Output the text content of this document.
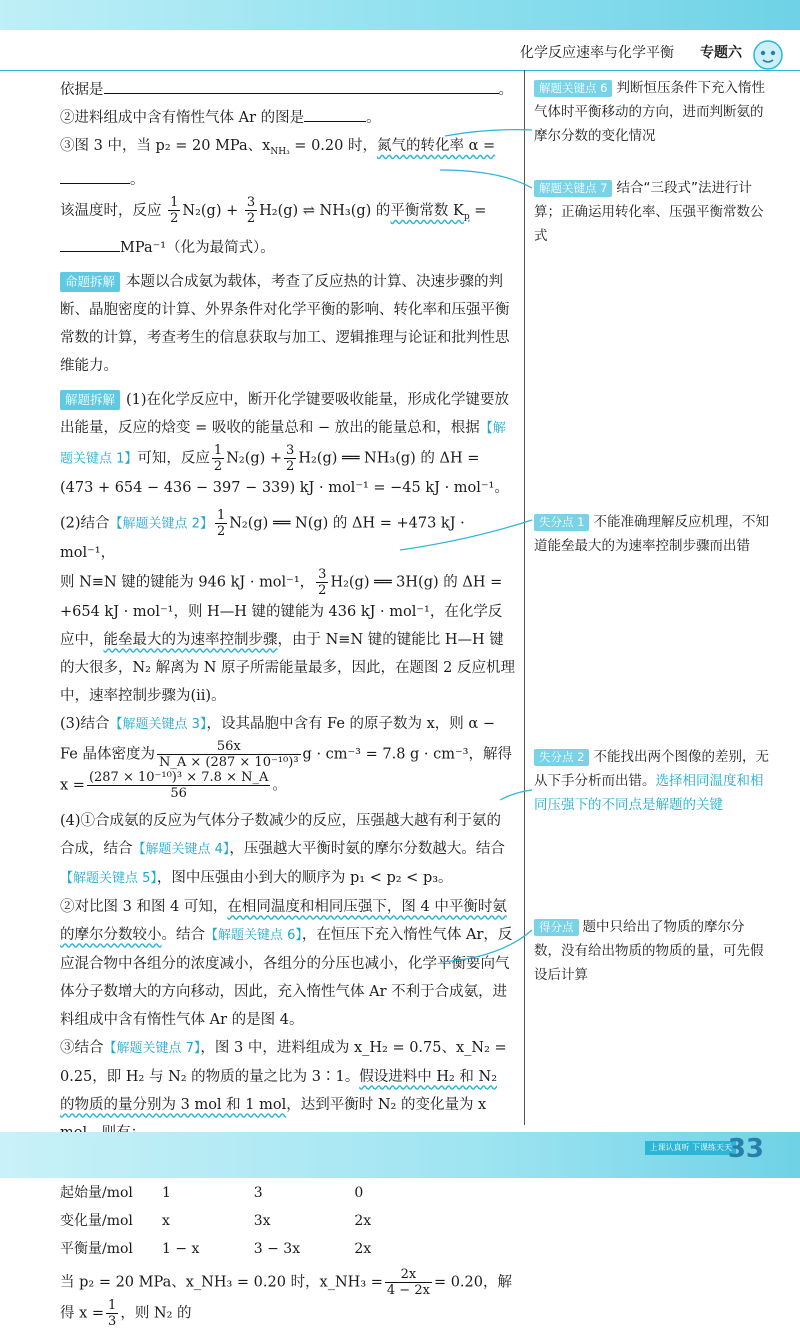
化学反应速率与化学平衡 专题六

依据是	。

②进料组成中含有惰性气体 Ar 的图是	。

③图 3 中，当 p₂ = 20 MPa、$x_{NH_3} = 0.20$ 时，氮气的转化率 α =。

该温度时，反应 $\frac{1}{2} N_2(g) + \frac{3}{2} H_2(g)$ ⇌ NH₃(g) 的平衡常数 $K_p$ =

MPa⁻¹（化为最简式）。

命题拆解 本题以合成氨为载体，考查了反应热的计算、决速步骤的判断、晶胞密度的计算、外界条件对化学平衡的影响、转化率和压强平衡常数的计算，考查考生的信息获取与加工、逻辑推理与论证和批判性思维能力。

解题拆解 (1)在化学反应中，断开化学键要吸收能量，形成化学键要放出能量，反应的焓变 = 吸收的能量总和 − 放出的能量总和，根据【解题关键点 1】可知，反应 $\frac{1}{2} N_2(g) + \frac{3}{2} H_2(g)$ ══ NH₃(g) 的 ΔH =
(473 + 654 − 436 − 397 − 339) kJ · mol⁻¹ = −45 kJ · mol⁻¹。

(2)结合【解题关键点 2】 $\frac{1}{2} N_2(g)$ ══ N(g) 的 ΔH = +473 kJ · mol⁻¹，
则 N≡N 键的键能为 946 kJ · mol⁻¹， $\frac{3}{2} H_2(g)$ ══ 3H(g) 的 ΔH =
+654 kJ · mol⁻¹，则 H—H 键的键能为 436 kJ · mol⁻¹，在化学反应中，能垒最大的为速率控制步骤，由于 N≡N 键的键能比 H—H 键的大很多，N₂ 解离为 N 原子所需能量最多，因此，在题图 2 反应机理中，速率控制步骤为(ⅱ)。

(3)结合【解题关键点 3】，设其晶胞中含有 Fe 的原子数为 x，则 α − Fe 晶体密度为 $\frac{56x}{\text{N\_A × (287 × 10⁻¹⁰)³}}$ g · cm⁻³ = 7.8 g · cm⁻³，解得
$x = \frac{\text{(287 × 10⁻¹⁰)³ × 7.8 × N\_A}}{56}$ 。

(4)①合成氨的反应为气体分子数减少的反应，压强越大越有利于氨的合成，结合【解题关键点 4】，压强越大平衡时氨的摩尔分数越大。结合【解题关键点 5】，图中压强由小到大的顺序为 p₁ < p₂ < p₃。

②对比图 3 和图 4 可知，在相同温度和相同压强下，图 4 中平衡时氨的摩尔分数较小。结合【解题关键点 6】，在恒压下充入惰性气体 Ar，反应混合物中各组分的浓度减小，各组分的分压也减小，化学平衡要向气体分子数增大的方向移动，因此，充入惰性气体 Ar 不利于合成氨，进料组成中含有惰性气体 Ar 的是图 4。

③结合【解题关键点 7】，图 3 中，进料组成为 x_H₂ = 0.75、x_N₂ = 0.25，即 H₂ 与 N₂ 的物质的量之比为 3∶1。假设进料中 H₂ 和 N₂ 的物质的量分别为 3 mol 和 1 mol，达到平衡时 N₂ 的变化量为 x

起始量/mol	1		3		0
变化量/mol	x		3x		2x
平衡量/mol	1 − x		3 − 3x		2x

当 p₂ = 20 MPa、x_NH₃ = 0.20 时，x_NH₃ = $\frac{2x}{4 - 2x} = 0.20$，解得 $x = \frac{1}{3}$ ，则 N₂ 的

解题关键点 6 判断恒压条件下充入惰性气体时平衡移动的方向，进而判断氨的摩尔分数的变化情况
解题关键点 7 结合“三段式”法进行计算；正确运用转化率、压强平衡常数公式
失分点 1 不能准确理解反应机理，不知道能垒最大的为速率控制步骤而出错
失分点 2 不能找出两个图像的差别，无从下手分析而出错。选择相同温度和相同压强下的不同点是解题的关键
得分点 题中只给出了物质的摩尔分数，没有给出物质的物质的量，可先假设后计算
上课认真听 下课练天天
33
